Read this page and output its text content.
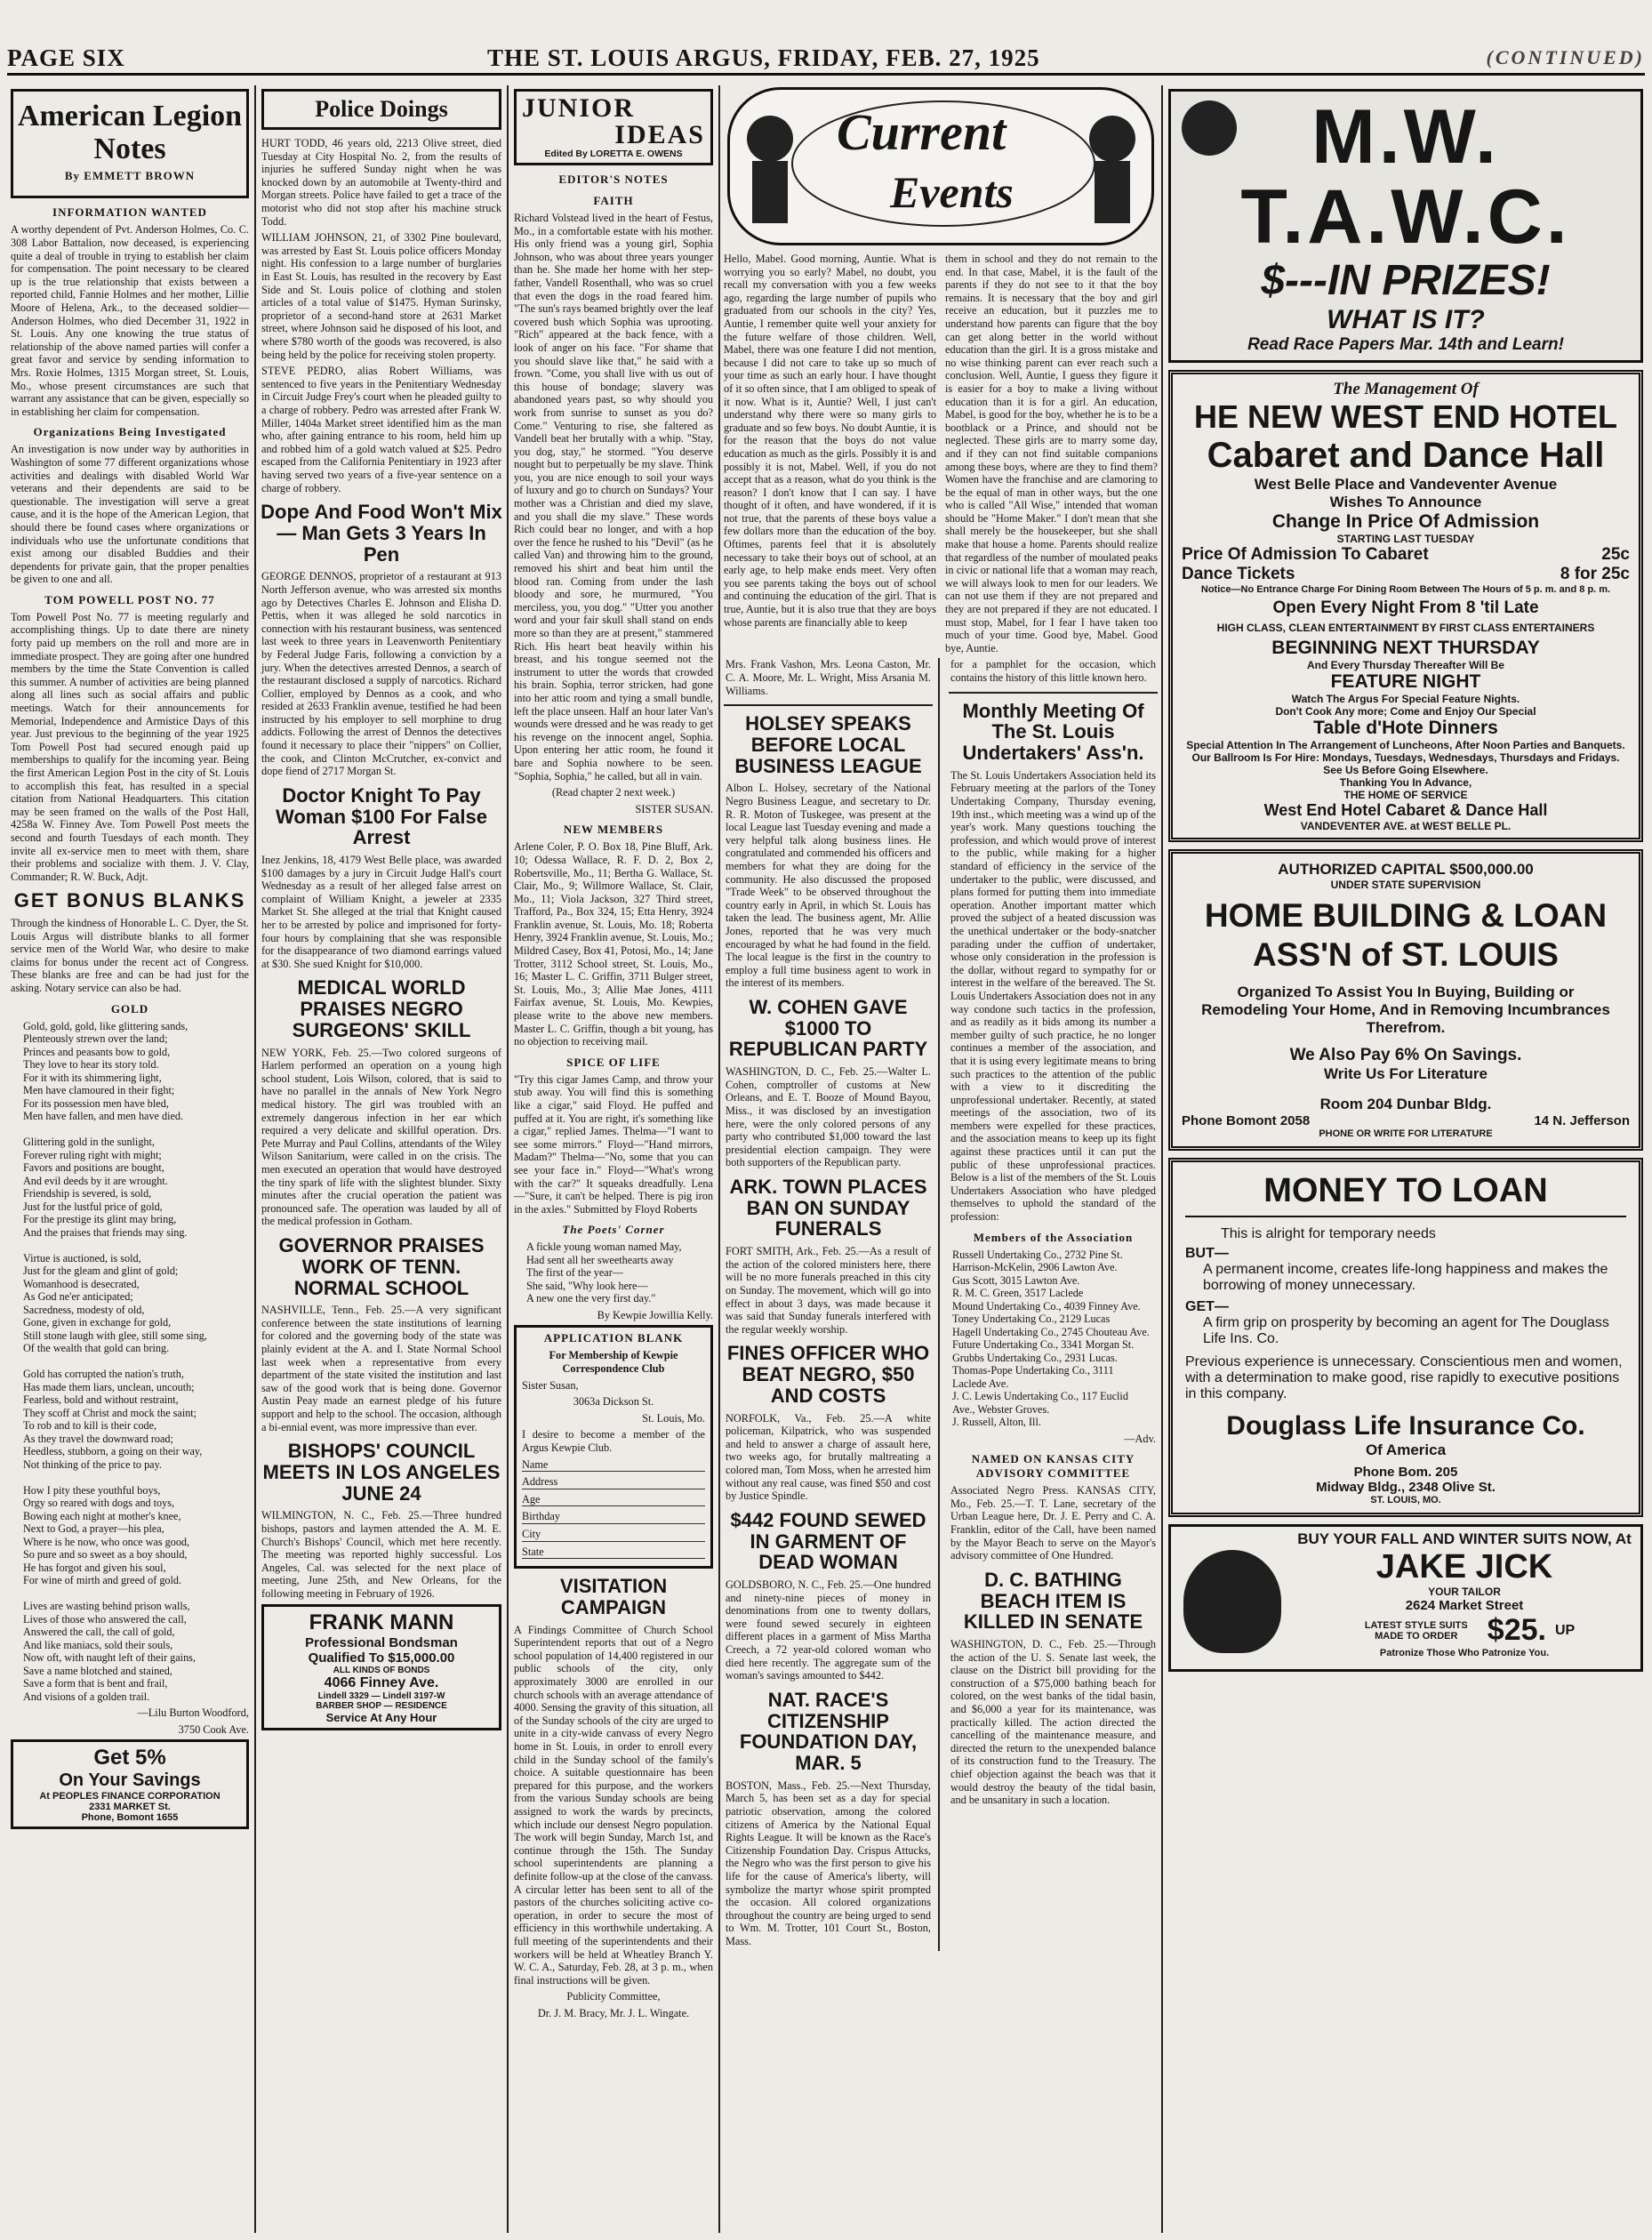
PAGE SIX	THE ST. LOUIS ARGUS, FRIDAY, FEB. 27, 1925	(CONTINUED)
American Legion Notes
By EMMETT BROWN
INFORMATION WANTED

A worthy dependent of Pvt. Anderson Holmes, Co. C. 308 Labor Battalion, now deceased, is experiencing quite a deal of trouble in trying to establish her claim for compensation. The point necessary to be cleared up is the true relationship that exists between a reported child, Fannie Holmes and her mother, Lillie Moore of Helena, Ark., to the deceased soldier—Anderson Holmes, who died December 31, 1922 in St. Louis. Any one knowing the true status of relationship of the above named parties will confer a great favor and service by sending information to Mrs. Roxie Holmes, 1315 Morgan street, St. Louis, Mo., whose present circumstances are such that warrant any assistance that can be given, especially so in establishing her claim for compensation.

Organizations Being Investigated

An investigation is now under way by authorities in Washington of some 77 different organizations whose activities and dealings with disabled World War veterans and their dependents are said to be questionable. The investigation will serve a great cause, and it is the hope of the American Legion, that should there be found cases where organizations or individuals who use the unfortunate conditions that exist among our disabled Buddies and their dependents for private gain, that the proper penalties be given to one and all.

TOM POWELL POST NO. 77

Tom Powell Post No. 77 is meeting regularly and accomplishing things. Up to date there are ninety forty paid up members on the roll and more are in immediate prospect. They are going after one hundred members by the time the State Convention is called this summer. A number of activities are being planned along all lines such as social affairs and public meetings. Watch for their announcements for Memorial, Independence and Armistice Days of this year. Just previous to the beginning of the year 1925 Tom Powell Post had secured enough paid up memberships to qualify for the incoming year. Being the first American Legion Post in the city of St. Louis to accomplish this feat, has resulted in a special citation from National Headquarters. This citation may be seen framed on the walls of the Post Hall, 4258a W. Finney Ave. Tom Powell Post meets the second and fourth Tuesdays of each month. They invite all ex-service men to meet with them, share their problems and socialize with them. J. V. Clay, Commander; R. W. Buck, Adjt.

GET BONUS BLANKS

Through the kindness of Honorable L. C. Dyer, the St. Louis Argus will distribute blanks to all former service men of the World War, who desire to make claims for bonus under the recent act of Congress. These blanks are free and can be had just for the asking. Notary service can also be had.

GOLD
Gold, gold, gold, like glittering sands,
Plenteously strewn over the land;
Princes and peasants bow to gold,
They love to hear its story told.
For it with its shimmering light,
Men have clamoured in their fight;
For its possession men have bled,
Men have fallen, and men have died.

Glittering gold in the sunlight,
Forever ruling right with might;
Favors and positions are bought,
And evil deeds by it are wrought.
Friendship is severed, is sold,
Just for the lustful price of gold,
For the prestige its glint may bring,
And the praises that friends may sing.

Virtue is auctioned, is sold,
Just for the gleam and glint of gold;
Womanhood is desecrated,
As God ne'er anticipated;
Sacredness, modesty of old,
Gone, given in exchange for gold,
Still stone laugh with glee, still some sing,
Of the wealth that gold can bring.

Gold has corrupted the nation's truth,
Has made them liars, unclean, uncouth;
Fearless, bold and without restraint,
They scoff at Christ and mock the saint;
To rob and to kill is their code,
As they travel the downward road;
Heedless, stubborn, a going on their way,
Not thinking of the price to pay.

How I pity these youthful boys,
Orgy so reared with dogs and toys,
Bowing each night at mother's knee,
Next to God, a prayer—his plea,
Where is he now, who once was good,
So pure and so sweet as a boy should,
He has forgot and given his soul,
For wine of mirth and greed of gold.

Lives are wasting behind prison walls,
Lives of those who answered the call,
Answered the call, the call of gold,
And like maniacs, sold their souls,
Now oft, with naught left of their gains,
Save a name blotched and stained,
Save a form that is bent and frail,
And visions of a golden trail.
—Lilu Burton Woodford,
3750 Cook Ave.
Get 5%
On Your Savings
At PEOPLES FINANCE CORPORATION
2331 MARKET St.
Phone, Bomont 1655
Police Doings

HURT TODD, 46 years old, 2213 Olive street, died Tuesday at City Hospital No. 2, from the results of injuries he suffered Sunday night when he was knocked down by an automobile at Twenty-third and Morgan streets. Police have failed to get a trace of the motorist who did not stop after his machine struck Todd.

WILLIAM JOHNSON, 21, of 3302 Pine boulevard, was arrested by East St. Louis police officers Monday night. His confession to a large number of burglaries in East St. Louis, has resulted in the recovery by East Side and St. Louis police of clothing and stolen articles of a total value of $1475. Hyman Surinsky, proprietor of a second-hand store at 2631 Market street, where Johnson said he disposed of his loot, and where $780 worth of the goods was recovered, is also being held by the police for receiving stolen property.

STEVE PEDRO, alias Robert Williams, was sentenced to five years in the Penitentiary Wednesday in Circuit Judge Frey's court when he pleaded guilty to a charge of robbery. Pedro was arrested after Frank W. Miller, 1404a Market street identified him as the man who, after gaining entrance to his room, held him up and robbed him of a gold watch valued at $25. Pedro escaped from the California Penitentiary in 1923 after having served two years of a five-year sentence on a charge of robbery.

Dope And Food Won't Mix — Man Gets 3 Years In Pen

GEORGE DENNOS, proprietor of a restaurant at 913 North Jefferson avenue, who was arrested six months ago by Detectives Charles E. Johnson and Elisha D. Pettis, when it was alleged he sold narcotics in connection with his restaurant business, was sentenced last week to three years in Leavenworth Penitentiary by Federal Judge Faris, following a conviction by a jury. When the detectives arrested Dennos, a search of the restaurant disclosed a supply of narcotics. Richard Collier, employed by Dennos as a cook, and who resided at 2633 Franklin avenue, testified he had been instructed by his employer to sell morphine to drug addicts. Following the arrest of Dennos the detectives found it necessary to place their "nippers" on Collier, the cook, and Clinton McCrutcher, ex-convict and dope fiend of 2717 Morgan St.

Doctor Knight To Pay Woman $100 For False Arrest

Inez Jenkins, 18, 4179 West Belle place, was awarded $100 damages by a jury in Circuit Judge Hall's court Wednesday as a result of her alleged false arrest on complaint of William Knight, a jeweler at 2335 Market St. She alleged at the trial that Knight caused her to be arrested by police and imprisoned for forty-four hours by complaining that she was responsible for the disappearance of two diamond earrings valued at $30. She sued Knight for $10,000.

MEDICAL WORLD PRAISES NEGRO SURGEONS' SKILL

NEW YORK, Feb. 25.—Two colored surgeons of Harlem performed an operation on a young high school student, Lois Wilson, colored, that is said to have no parallel in the annals of New York Negro medical history. The girl was troubled with an extremely dangerous infection in her ear which required a very delicate and skillful operation. Drs. Pete Murray and Paul Collins, attendants of the Wiley Wilson Sanitarium, were called in on the crisis. The men executed an operation that would have destroyed the tiny spark of life with the slightest blunder. Sixty minutes after the crucial operation the patient was pronounced safe. The operation was lauded by all of the medical profession in Gotham.

GOVERNOR PRAISES WORK OF TENN. NORMAL SCHOOL

NASHVILLE, Tenn., Feb. 25.—A very significant conference between the state institutions of learning for colored and the governing body of the state was plainly evident at the A. and I. State Normal School last week when a representative from every department of the state visited the institution and last saw of the good work that is being done. Governor Austin Peay made an earnest pledge of his future support and help to the school. The occasion, although a bi-ennial event, was more impressive than ever.

BISHOPS' COUNCIL MEETS IN LOS ANGELES JUNE 24

WILMINGTON, N. C., Feb. 25.—Three hundred bishops, pastors and laymen attended the A. M. E. Church's Bishops' Council, which met here recently. The meeting was reported highly successful. Los Angeles, Cal. was selected for the next place of meeting, June 25th, and New Orleans, for the following meeting in February of 1926.

FRANK MANN
Professional Bondsman
Qualified To $15,000.00
ALL KINDS OF BONDS
4066 Finney Ave.
Lindell 3329 — Lindell 3197-W
BARBER SHOP — RESIDENCE
Service At Any Hour
JUNIOR
IDEAS
Edited By LORETTA E. OWENS
EDITOR'S NOTES
FAITH

Richard Volstead lived in the heart of Festus, Mo., in a comfortable estate with his mother. His only friend was a young girl, Sophia Johnson, who was about three years younger than he. She made her home with her step-father, Vandell Rosenthall, who was so cruel that even the dogs in the road feared him. "The sun's rays beamed brightly over the leaf covered bush which Sophia was uprooting. "Rich" appeared at the back fence, with a look of anger on his face. "For shame that you should slave like that," he said with a frown. "Come, you shall live with us out of this house of bondage; slavery was abandoned years past, so why should you work from sunrise to sunset as you do? Come." Venturing to rise, she faltered as Vandell beat her brutally with a whip. "Stay, you dog, stay," he stormed. "You deserve nought but to perpetually be my slave. Think you, you are nice enough to soil your ways of luxury and go to church on Sundays? Your mother was a Christian and died my slave, and you shall die my slave." These words Rich could bear no longer, and with a hop over the fence he rushed to his "Devil" (as he called Van) and throwing him to the ground, removed his shirt and beat him until the blood ran. Coming from under the lash bloody and sore, he murmured, "You merciless, you, you dog." "Utter you another word and your fair skull shall stand on ends more so than they are at present," stammered Rich. His heart beat heavily within his breast, and his tongue seemed not the instrument to utter the words that crowded his brain. Sophia, terror stricken, had gone into her attic room and tying a small bundle, left the place unseen. Half an hour later Van's wounds were dressed and he was ready to get his revenge on the innocent angel, Sophia. Upon entering her attic room, he found it bare and Sophia nowhere to be seen. "Sophia, Sophia," he called, but all in vain.

(Read chapter 2 next week.)
SISTER SUSAN.
NEW MEMBERS

Arlene Coler, P. O. Box 18, Pine Bluff, Ark. 10; Odessa Wallace, R. F. D. 2, Box 2, Robertsville, Mo., 11; Bertha G. Wallace, St. Clair, Mo., 9; Willmore Wallace, St. Clair, Mo., 11; Viola Jackson, 327 Third street, Trafford, Pa., Box 324, 15; Etta Henry, 3924 Franklin avenue, St. Louis, Mo. 18; Roberta Henry, 3924 Franklin avenue, St. Louis, Mo.; Mildred Casey, Box 41, Potosi, Mo., 14; Jane Trotter, 3112 School street, St. Louis, Mo., 16; Master L. C. Griffin, 3711 Bulger street, St. Louis, Mo., 3; Allie Mae Jones, 4111 Fairfax avenue, St. Louis, Mo. Kewpies, please write to the above new members. Master L. C. Griffin, though a bit young, has no objection to receiving mail.

SPICE OF LIFE

"Try this cigar James Camp, and throw your stub away. You will find this is something like a cigar," said Floyd. He puffed and puffed at it. You are right, it's something like a cigar," replied James. Thelma—"I want to see some mirrors." Floyd—"Hand mirrors, Madam?" Thelma—"No, some that you can see your face in." Floyd—"What's wrong with the car?" It squeaks dreadfully. Lena—"Sure, it can't be helped. There is pig iron in the axles." Submitted by Floyd Roberts

The Poets' Corner
A fickle young woman named May,
Had sent all her sweethearts away
The first of the year—
She said, "Why look here—
A new one the very first day."
By Kewpie Jowillia Kelly.
APPLICATION BLANK
For Membership of Kewpie Correspondence Club
Sister Susan,
3063a Dickson St.
St. Louis, Mo.
I desire to become a member of the Argus Kewpie Club.
Name
Address
Age
Birthday
City
State
VISITATION CAMPAIGN

A Findings Committee of Church School Superintendent reports that out of a Negro school population of 14,400 registered in our public schools of the city, only approximately 3000 are enrolled in our church schools with an average attendance of 4000. Sensing the gravity of this situation, all of the Sunday schools of the city are urged to unite in a city-wide canvass of every Negro home in St. Louis, in order to enroll every child in the Sunday school of the family's choice. A suitable questionnaire has been prepared for this purpose, and the workers from the various Sunday schools are being assigned to work the wards by precincts, which include our densest Negro population. The work will begin Sunday, March 1st, and continue through the 15th. The Sunday school superintendents are planning a definite follow-up at the close of the canvass. A circular letter has been sent to all of the pastors of the churches soliciting active co-operation, in order to secure the most of efficiency in this worthwhile undertaking. A full meeting of the superintendents and their workers will be held at Wheatley Branch Y. W. C. A., Saturday, Feb. 28, at 3 p. m., when final instructions will be given.

Publicity Committee,
Dr. J. M. Bracy, Mr. J. L. Wingate.
Current
Events

Hello, Mabel. Good morning, Auntie. What is worrying you so early? Mabel, no doubt, you recall my conversation with you a few weeks ago, regarding the large number of pupils who graduated from our schools in the city? Yes, Auntie, I remember quite well your anxiety for the future welfare of those children. Well, Mabel, there was one feature I did not mention, because I did not care to take up so much of your time as such an early hour. I have thought of it so often since, that I am obliged to speak of it now. What is it, Auntie? Well, I just can't understand why there were so many girls to graduate and so few boys. No doubt Auntie, it is for the reason that the boys do not value education as much as the girls. Possibly it is and possibly it is not, Mabel. Well, if you do not accept that as a reason, what do you think is the reason? I don't know that I can say. I have thought of it often, and have wondered, if it is not true, that the parents of these boys value a few dollars more than the education of the boy. Oftimes, parents feel that it is absolutely necessary to take their boys out of school, at an early age, to help make ends meet. Very often you see parents taking the boys out of school and continuing the education of the girl. That is true, Auntie, but it is also true that they are boys whose parents are financially able to keep

them in school and they do not remain to the end. In that case, Mabel, it is the fault of the parents if they do not see to it that the boy remains. It is necessary that the boy and girl receive an education, but it puzzles me to understand how parents can figure that the boy can get along better in the world without education than the girl. It is a gross mistake and no wise thinking parent can ever reach such a conclusion. Well, Auntie, I guess they figure it is easier for a boy to make a living without education than it is for a girl. An education, Mabel, is good for the boy, whether he is to be a bootblack or a Prince, and should not be neglected. These girls are to marry some day, and if they can not find suitable companions among these boys, where are they to find them? Women have the franchise and are clamoring to be the equal of man in other ways, but the one who is called "All Wise," intended that woman should be "Home Maker." I don't mean that she shall merely be the housekeeper, but she shall make that house a home. Parents should realize that regardless of the number of moulated peaks in civic or national life that a woman may reach, we will always look to men for our leaders. We can not use them if they are not prepared and they are not prepared if they are not educated. I must stop, Mabel, for I fear I have taken too much of your time. Good bye, Mabel. Good bye, Auntie.

Mrs. Frank Vashon, Mrs. Leona Caston, Mr. C. A. Moore, Mr. L. Wright, Miss Arsania M. Williams.

HOLSEY SPEAKS BEFORE LOCAL BUSINESS LEAGUE

Albon L. Holsey, secretary of the National Negro Business League, and secretary to Dr. R. R. Moton of Tuskegee, was present at the local League last Tuesday evening and made a very helpful talk along business lines. He congratulated and commended his officers and members for what they are doing for the community. He also discussed the proposed "Trade Week" to be observed throughout the country early in April, in which St. Louis has taken the lead. The business agent, Mr. Allie Jones, reported that he was very much encouraged by what he had found in the field. The local league is the first in the country to employ a full time business agent to work in the interest of its members.

W. COHEN GAVE $1000 TO REPUBLICAN PARTY

WASHINGTON, D. C., Feb. 25.—Walter L. Cohen, comptroller of customs at New Orleans, and E. T. Booze of Mound Bayou, Miss., it was disclosed by an investigation here, were the only colored persons of any party who contributed $1,000 toward the last presidential election campaign. They were both supporters of the Republican party.

ARK. TOWN PLACES BAN ON SUNDAY FUNERALS

FORT SMITH, Ark., Feb. 25.—As a result of the action of the colored ministers here, there will be no more funerals preached in this city on Sunday. The movement, which will go into effect in about 3 days, was made because it was said that Sunday funerals interfered with the regular weekly worship.

FINES OFFICER WHO BEAT NEGRO, $50 AND COSTS

NORFOLK, Va., Feb. 25.—A white policeman, Kilpatrick, who was suspended and held to answer a charge of assault here, two weeks ago, for brutally maltreating a colored man, Tom Moss, when he arrested him without any real cause, was fined $50 and cost by Justice Spindle.

$442 FOUND SEWED IN GARMENT OF DEAD WOMAN

GOLDSBORO, N. C., Feb. 25.—One hundred and ninety-nine pieces of money in denominations from one to twenty dollars, were found sewed securely in eighteen different places in a garment of Miss Martha Creech, a 72 year-old colored woman who died here recently. The aggregate sum of the woman's savings amounted to $442.

NAT. RACE'S CITIZENSHIP FOUNDATION DAY, MAR. 5

BOSTON, Mass., Feb. 25.—Next Thursday, March 5, has been set as a day for special patriotic observation, among the colored citizens of America by the National Equal Rights League. It will be known as the Race's Citizenship Foundation Day. Crispus Attucks, the Negro who was the first person to give his life for the cause of America's liberty, will symbolize the martyr whose spirit prompted the occasion. All colored organizations throughout the country are being urged to send to Wm. M. Trotter, 101 Court St., Boston, Mass.

for a pamphlet for the occasion, which contains the history of this little known hero.

Monthly Meeting Of The St. Louis Undertakers' Ass'n.

The St. Louis Undertakers Association held its February meeting at the parlors of the Toney Undertaking Company, Thursday evening, 19th inst., which meeting was a wind up of the year's work. Many questions touching the profession, and which would prove of interest to the public, while making for a higher standard of efficiency in the service of the undertaker to the public, were discussed, and plans formed for putting them into immediate operation. Another important matter which proved the subject of a heated discussion was the unethical undertaker or the body-snatcher parading under the cuffion of undertaker, whose only consideration in the profession is the dollar, without regard to sympathy for or interest in the welfare of the bereaved. The St. Louis Undertakers Association does not in any way condone such tactics in the profession, and as readily as it bids among its number a member guilty of such practice, he no longer continues a member of the association, and that it is using every legitimate means to bring such practices to the attention of the public with a view to it discrediting the unprofessional undertaker. Recently, at stated meetings of the association, two of its members were expelled for these practices, and the association means to keep up its fight against these practices until it can put the public of these unprofessional practices. Below is a list of the members of the St. Louis Undertakers Association who have pledged themselves to uphold the standard of the profession:

Members of the Association
Russell Undertaking Co., 2732 Pine St.
Harrison-McKelin, 2906 Lawton Ave.
Gus Scott, 3015 Lawton Ave.
R. M. C. Green, 3517 Laclede
Mound Undertaking Co., 4039 Finney Ave.
Toney Undertaking Co., 2129 Lucas
Hagell Undertaking Co., 2745 Chouteau Ave.
Future Undertaking Co., 3341 Morgan St.
Grubbs Undertaking Co., 2931 Lucas.
Thomas-Pope Undertaking Co., 3111 Laclede Ave.
J. C. Lewis Undertaking Co., 117 Euclid Ave., Webster Groves.
J. Russell, Alton, Ill.
—Adv.
NAMED ON KANSAS CITY ADVISORY COMMITTEE

Associated Negro Press. KANSAS CITY, Mo., Feb. 25.—T. T. Lane, secretary of the Urban League here, Dr. J. E. Perry and C. A. Franklin, editor of the Call, have been named by the Mayor Beach to serve on the Mayor's advisory committee of One Hundred.

D. C. BATHING BEACH ITEM IS KILLED IN SENATE

WASHINGTON, D. C., Feb. 25.—Through the action of the U. S. Senate last week, the clause on the District bill providing for the construction of a $75,000 bathing beach for colored, on the west banks of the tidal basin, and $6,000 a year for its maintenance, was practically killed. The action directed the cancelling of the maintenance measure, and directed the return to the unexpended balance of its construction fund to the Treasury. The chief objection against the beach was that it would destroy the beauty of the tidal basin, and be unsanitary in such a location.

M.W.
T.A.W.C.
$---IN PRIZES!
WHAT IS IT?
Read Race Papers Mar. 14th and Learn!
The Management Of
HE NEW WEST END HOTEL
Cabaret and Dance Hall
West Belle Place and Vandeventer Avenue
Wishes To Announce
Change In Price Of Admission
STARTING LAST TUESDAY
Price Of Admission To Cabaret	25c
Dance Tickets	8 for 25c
Notice—No Entrance Charge For Dining Room Between The Hours of 5 p. m. and 8 p. m.
Open Every Night From 8 'til Late
HIGH CLASS, CLEAN ENTERTAINMENT BY FIRST CLASS ENTERTAINERS
BEGINNING NEXT THURSDAY
And Every Thursday Thereafter Will Be
FEATURE NIGHT
Watch The Argus For Special Feature Nights.
Don't Cook Any more; Come and Enjoy Our Special
Table d'Hote Dinners
Special Attention In The Arrangement of Luncheons, After Noon Parties and Banquets.
Our Ballroom Is For Hire: Mondays, Tuesdays, Wednesdays, Thursdays and Fridays. See Us Before Going Elsewhere.
Thanking You In Advance,
THE HOME OF SERVICE
West End Hotel Cabaret & Dance Hall
VANDEVENTER AVE. at WEST BELLE PL.
AUTHORIZED CAPITAL $500,000.00
UNDER STATE SUPERVISION
HOME BUILDING & LOAN
ASS'N of ST. LOUIS
Organized To Assist You In Buying, Building or Remodeling Your Home, And in Removing Incumbrances Therefrom.
We Also Pay 6% On Savings.
Write Us For Literature
Room 204 Dunbar Bldg.
Phone Bomont 2058	14 N. Jefferson
PHONE OR WRITE FOR LITERATURE
MONEY TO LOAN
This is alright for temporary needs
BUT—
A permanent income, creates life-long happiness and makes the borrowing of money unnecessary.
GET—
A firm grip on prosperity by becoming an agent for The Douglass Life Ins. Co.
Previous experience is unnecessary. Conscientious men and women, with a determination to make good, rise rapidly to executive positions in this company.
Douglass Life Insurance Co.
Of America
Phone Bom. 205
Midway Bldg., 2348 Olive St.
ST. LOUIS, MO.
BUY YOUR FALL AND WINTER SUITS NOW, At
JAKE JICK
YOUR TAILOR
2624 Market Street
LATEST STYLE SUITS MADE TO ORDER $25. UP
Patronize Those Who Patronize You.
